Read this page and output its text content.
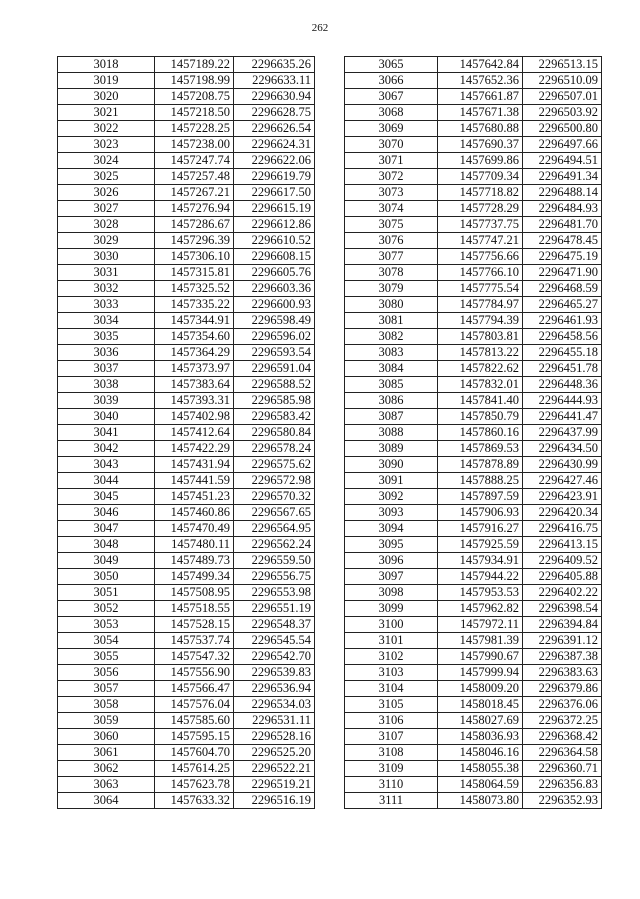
262
3018	1457189.22	2296635.26
3019	1457198.99	2296633.11
3020	1457208.75	2296630.94
3021	1457218.50	2296628.75
3022	1457228.25	2296626.54
3023	1457238.00	2296624.31
3024	1457247.74	2296622.06
3025	1457257.48	2296619.79
3026	1457267.21	2296617.50
3027	1457276.94	2296615.19
3028	1457286.67	2296612.86
3029	1457296.39	2296610.52
3030	1457306.10	2296608.15
3031	1457315.81	2296605.76
3032	1457325.52	2296603.36
3033	1457335.22	2296600.93
3034	1457344.91	2296598.49
3035	1457354.60	2296596.02
3036	1457364.29	2296593.54
3037	1457373.97	2296591.04
3038	1457383.64	2296588.52
3039	1457393.31	2296585.98
3040	1457402.98	2296583.42
3041	1457412.64	2296580.84
3042	1457422.29	2296578.24
3043	1457431.94	2296575.62
3044	1457441.59	2296572.98
3045	1457451.23	2296570.32
3046	1457460.86	2296567.65
3047	1457470.49	2296564.95
3048	1457480.11	2296562.24
3049	1457489.73	2296559.50
3050	1457499.34	2296556.75
3051	1457508.95	2296553.98
3052	1457518.55	2296551.19
3053	1457528.15	2296548.37
3054	1457537.74	2296545.54
3055	1457547.32	2296542.70
3056	1457556.90	2296539.83
3057	1457566.47	2296536.94
3058	1457576.04	2296534.03
3059	1457585.60	2296531.11
3060	1457595.15	2296528.16
3061	1457604.70	2296525.20
3062	1457614.25	2296522.21
3063	1457623.78	2296519.21
3064	1457633.32	2296516.19
3065	1457642.84	2296513.15
3066	1457652.36	2296510.09
3067	1457661.87	2296507.01
3068	1457671.38	2296503.92
3069	1457680.88	2296500.80
3070	1457690.37	2296497.66
3071	1457699.86	2296494.51
3072	1457709.34	2296491.34
3073	1457718.82	2296488.14
3074	1457728.29	2296484.93
3075	1457737.75	2296481.70
3076	1457747.21	2296478.45
3077	1457756.66	2296475.19
3078	1457766.10	2296471.90
3079	1457775.54	2296468.59
3080	1457784.97	2296465.27
3081	1457794.39	2296461.93
3082	1457803.81	2296458.56
3083	1457813.22	2296455.18
3084	1457822.62	2296451.78
3085	1457832.01	2296448.36
3086	1457841.40	2296444.93
3087	1457850.79	2296441.47
3088	1457860.16	2296437.99
3089	1457869.53	2296434.50
3090	1457878.89	2296430.99
3091	1457888.25	2296427.46
3092	1457897.59	2296423.91
3093	1457906.93	2296420.34
3094	1457916.27	2296416.75
3095	1457925.59	2296413.15
3096	1457934.91	2296409.52
3097	1457944.22	2296405.88
3098	1457953.53	2296402.22
3099	1457962.82	2296398.54
3100	1457972.11	2296394.84
3101	1457981.39	2296391.12
3102	1457990.67	2296387.38
3103	1457999.94	2296383.63
3104	1458009.20	2296379.86
3105	1458018.45	2296376.06
3106	1458027.69	2296372.25
3107	1458036.93	2296368.42
3108	1458046.16	2296364.58
3109	1458055.38	2296360.71
3110	1458064.59	2296356.83
3111	1458073.80	2296352.93
